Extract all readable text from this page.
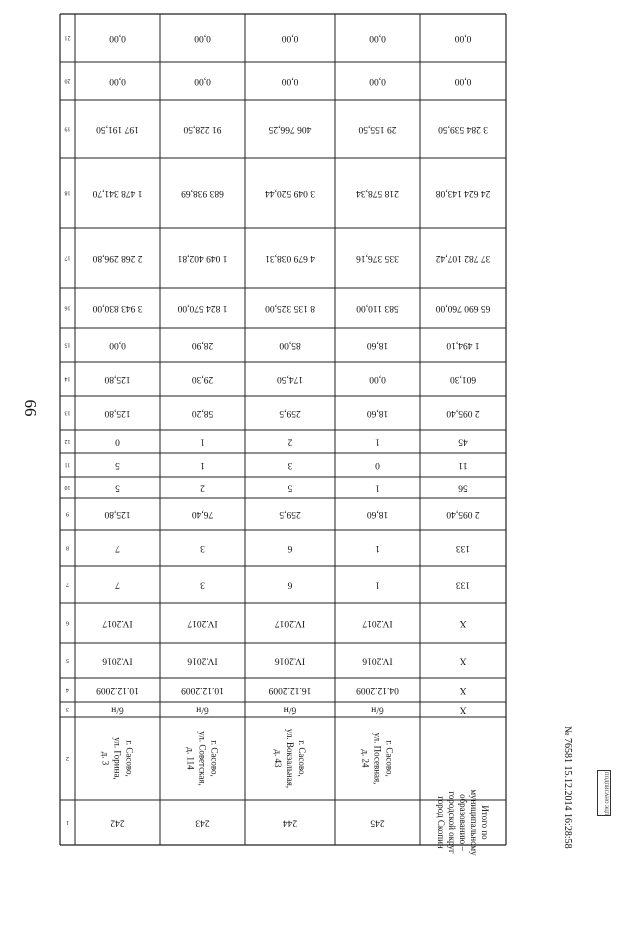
66
21
20
19
18
17
16
15
14
13
12
11
10
9
8
7
6
5
4
3
2
1
0,00
0,00
197 191,50
1 478 341,70
2 268 296,80
3 943 830,00
0,00
125,80
125,80
0
5
5
125,80
7
7
IV.2017
IV.2016
10.12.2009
б/н
г. Сасово,ул. Горина,д. 3
242
0,00
0,00
91 228,50
683 938,69
1 049 402,81
1 824 570,00
28,90
29,30
58,20
1
1
2
76,40
3
3
IV.2017
IV.2016
10.12.2009
б/н
г. Сасово,ул. Советская,д. 114
243
0,00
0,00
406 766,25
3 049 520,44
4 679 038,31
8 135 325,00
85,00
174,50
259,5
2
3
5
259,5
6
6
IV.2017
IV.2016
16.12.2009
б/н
г. Сасово,ул. Вокзальная,д. 43
244
0,00
0,00
29 155,50
218 578,34
335 376,16
583 110,00
18,60
0,00
18,60
1
0
1
18,60
1
1
IV.2017
IV.2016
04.12.2009
б/н
г. Сасово,ул. Посевная,д. 24
245
0,00
0,00
3 284 539,50
24 624 143,08
37 782 107,42
65 690 760,00
1 494,10
601,30
2 095,40
45
11
56
2 095,40
133
133
X
X
X
X
Итого помуниципальномуобразованию –городской округгород Скопин	№ 76581 15.12.2014 16:28:58	ПОДПИСАНО ЭЦП
